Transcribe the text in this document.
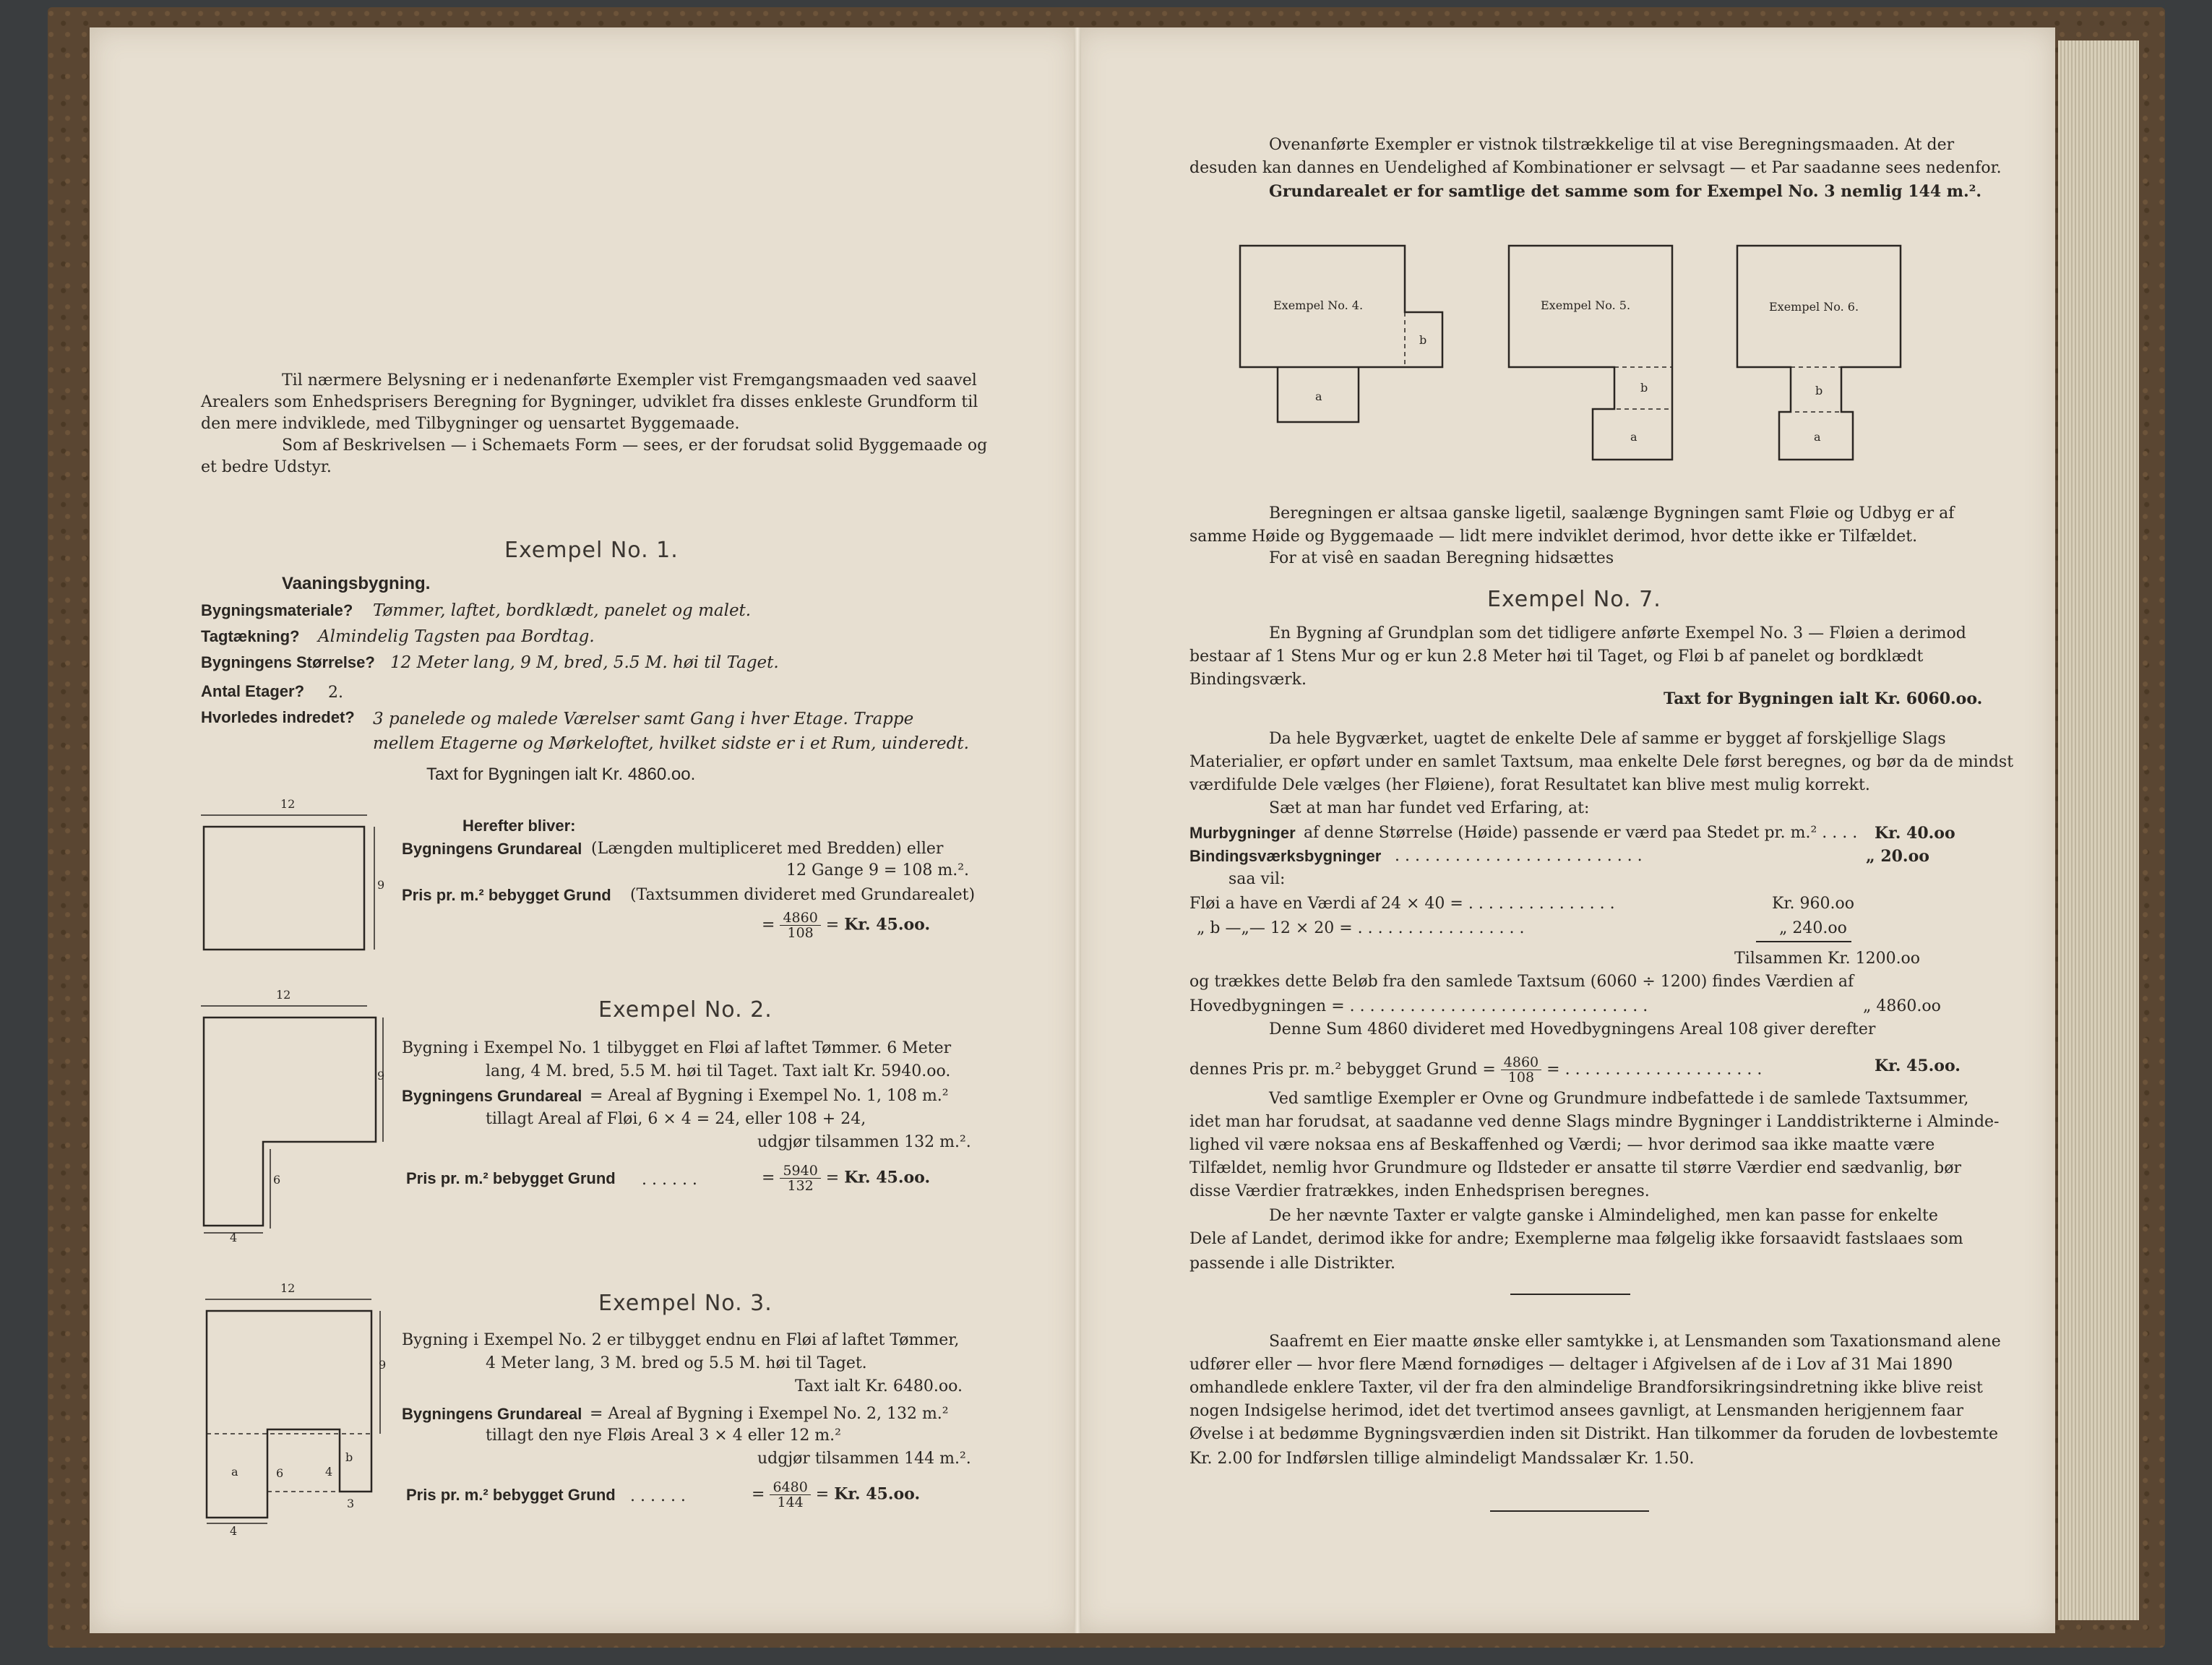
Til nærmere Belysning er i nedenanførte Exempler vist Fremgangsmaaden ved saavel
Arealers som Enhedsprisers Beregning for Bygninger, udviklet fra disses enkleste Grundform til
den mere indviklede, med Tilbygninger og uensartet Byggemaade.
Som af Beskrivelsen — i Schemaets Form — sees, er der forudsat solid Byggemaade og
et bedre Udstyr.
Exempel No. 1.
Vaaningsbygning.
Bygningsmateriale? Tømmer, laftet, bordklædt, panelet og malet.
Tagtækning? Almindelig Tagsten paa Bordtag.
Bygningens Størrelse? 12 Meter lang, 9 M, bred, 5.5 M. høi til Taget.
Antal Etager? 2.
Hvorledes indredet? 3 panelede og malede Værelser samt Gang i hver Etage. Trappe
mellem Etagerne og Mørkeloftet, hvilket sidste er i et Rum, uinderedt.
Taxt for Bygningen ialt Kr. 4860.oo.
12
9
Herefter bliver:
Bygningens Grundareal (Længden multipliceret med Bredden) eller
12 Gange 9 = 108 m.².
Pris pr. m.² bebygget Grund (Taxtsummen divideret med Grundarealet)
= $\frac{4860}{108} = Kr$. 45.oo.
Exempel No. 2.
12
9
6
4
Bygning i Exempel No. 1 tilbygget en Fløi af laftet Tømmer. 6 Meter
lang, 4 M. bred, 5.5 M. høi til Taget. Taxt ialt Kr. 5940.oo.
Bygningens Grundareal = Areal af Bygning i Exempel No. 1, 108 m.²
tillagt Areal af Fløi, 6 × 4 = 24, eller 108 + 24,
udgjør tilsammen 132 m.².
Pris pr. m.² bebygget Grund . . . . . .	= $\frac{5940}{132} = Kr$. 45.oo.
Exempel No. 3.
12
9
a
b
6	4
3
4
Bygning i Exempel No. 2 er tilbygget endnu en Fløi af laftet Tømmer,
4 Meter lang, 3 M. bred og 5.5 M. høi til Taget.
Taxt ialt Kr. 6480.oo.
Bygningens Grundareal = Areal af Bygning i Exempel No. 2, 132 m.²
tillagt den nye Fløis Areal 3 × 4 eller 12 m.²
udgjør tilsammen 144 m.².
Pris pr. m.² bebygget Grund . . . . . .	= $\frac{6480}{144} = Kr$. 45.oo.
Ovenanførte Exempler er vistnok tilstrækkelige til at vise Beregningsmaaden. At der
desuden kan dannes en Uendelighed af Kombinationer er selvsagt — et Par saadanne sees nedenfor.
Grundarealet er for samtlige det samme som for Exempel No. 3 nemlig 144 m.².
Exempel No. 4.
b
a
Exempel No. 5.
b
a
Exempel No. 6.
b
a
Beregningen er altsaa ganske ligetil, saalænge Bygningen samt Fløie og Udbyg er af
samme Høide og Byggemaade — lidt mere indviklet derimod, hvor dette ikke er Tilfældet.
For at visê en saadan Beregning hidsættes
Exempel No. 7.
En Bygning af Grundplan som det tidligere anførte Exempel No. 3 — Fløien a derimod
bestaar af 1 Stens Mur og er kun 2.8 Meter høi til Taget, og Fløi b af panelet og bordklædt
Bindingsværk.
Taxt for Bygningen ialt Kr. 6060.oo.
Da hele Bygværket, uagtet de enkelte Dele af samme er bygget af forskjellige Slags
Materialier, er opført under en samlet Taxtsum, maa enkelte Dele først beregnes, og bør da de mindst
værdifulde Dele vælges (her Fløiene), forat Resultatet kan blive mest mulig korrekt.
Sæt at man har fundet ved Erfaring, at:
Murbygninger af denne Størrelse (Høide) passende er værd paa Stedet pr. m.² . . . . Kr. 40.oo
Bindingsværksbygninger . . . . . . . . . . . . . . . . . . . . . . . . .	„ 20.oo
saa vil:
Fløi a have en Værdi af 24 × 40 = . . . . . . . . . . . . . . .	Kr. 960.oo
„ b —„— 12 × 20 = . . . . . . . . . . . . . . . . .	„ 240.oo
Tilsammen Kr. 1200.oo
og trækkes dette Beløb fra den samlede Taxtsum (6060 ÷ 1200) findes Værdien af
Hovedbygningen = . . . . . . . . . . . . . . . . . . . . . . . . . . . . . .	„ 4860.oo
Denne Sum 4860 divideret med Hovedbygningens Areal 108 giver derefter
dennes Pris pr. m.² bebygget Grund = $\frac{4860}{108}$ = . . . . . . . . . . . . . . . . . . . .	Kr. 45.oo.
Ved samtlige Exempler er Ovne og Grundmure indbefattede i de samlede Taxtsummer,
idet man har forudsat, at saadanne ved denne Slags mindre Bygninger i Landdistrikterne i Alminde-
lighed vil være noksaa ens af Beskaffenhed og Værdi; — hvor derimod saa ikke maatte være
Tilfældet, nemlig hvor Grundmure og Ildsteder er ansatte til større Værdier end sædvanlig, bør
disse Værdier fratrækkes, inden Enhedsprisen beregnes.
De her nævnte Taxter er valgte ganske i Almindelighed, men kan passe for enkelte
Dele af Landet, derimod ikke for andre; Exemplerne maa følgelig ikke forsaavidt fastslaaes som
passende i alle Distrikter.
Saafremt en Eier maatte ønske eller samtykke i, at Lensmanden som Taxationsmand alene
udfører eller — hvor flere Mænd fornødiges — deltager i Afgivelsen af de i Lov af 31 Mai 1890
omhandlede enklere Taxter, vil der fra den almindelige Brandforsikringsindretning ikke blive reist
nogen Indsigelse herimod, idet det tvertimod ansees gavnligt, at Lensmanden herigjennem faar
Øvelse i at bedømme Bygningsværdien inden sit Distrikt. Han tilkommer da foruden de lovbestemte
Kr. 2.00 for Indførslen tillige almindeligt Mandssalær Kr. 1.50.
